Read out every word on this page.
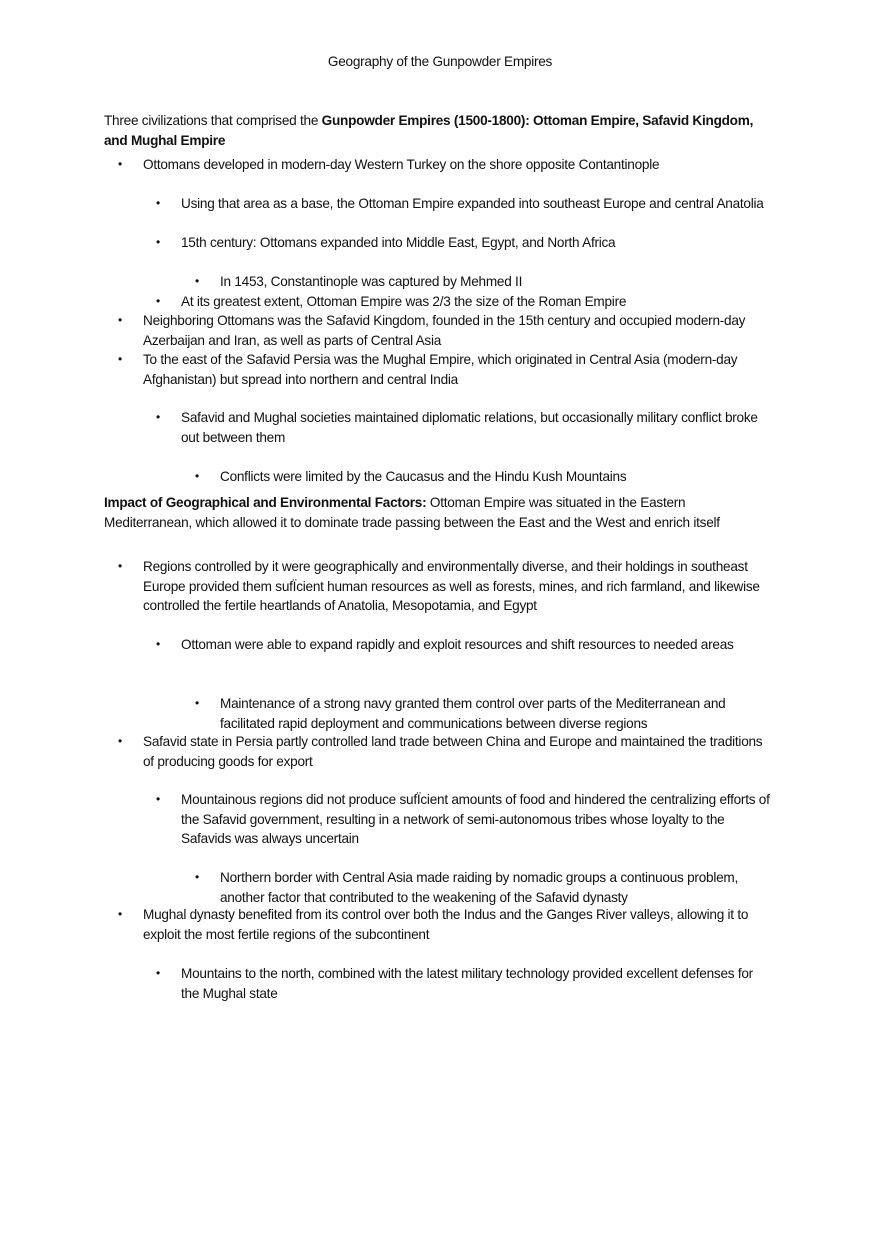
Geography of the Gunpowder Empires
Three civilizations that comprised the Gunpowder Empires (1500-1800): Ottoman Empire, Safavid Kingdom, and Mughal Empire
• Ottomans developed in modern-day Western Turkey on the shore opposite Contantinople
• Using that area as a base, the Ottoman Empire expanded into southeast Europe and central Anatolia
• 15th century: Ottomans expanded into Middle East, Egypt, and North Africa
• In 1453, Constantinople was captured by Mehmed II
• At its greatest extent, Ottoman Empire was 2/3 the size of the Roman Empire
• Neighboring Ottomans was the Safavid Kingdom, founded in the 15th century and occupied modern-day Azerbaijan and Iran, as well as parts of Central Asia
• To the east of the Safavid Persia was the Mughal Empire, which originated in Central Asia (modern-day Afghanistan) but spread into northern and central India
• Safavid and Mughal societies maintained diplomatic relations, but occasionally military conflict broke out between them
• Conflicts were limited by the Caucasus and the Hindu Kush Mountains
Impact of Geographical and Environmental Factors: Ottoman Empire was situated in the Eastern Mediterranean, which allowed it to dominate trade passing between the East and the West and enrich itself
• Regions controlled by it were geographically and environmentally diverse, and their holdings in southeast Europe provided them sufÏcient human resources as well as forests, mines, and rich farmland, and likewise controlled the fertile heartlands of Anatolia, Mesopotamia, and Egypt
• Ottoman were able to expand rapidly and exploit resources and shift resources to needed areas
• Maintenance of a strong navy granted them control over parts of the Mediterranean and facilitated rapid deployment and communications between diverse regions
• Safavid state in Persia partly controlled land trade between China and Europe and maintained the traditions of producing goods for export
• Mountainous regions did not produce sufÏcient amounts of food and hindered the centralizing efforts of the Safavid government, resulting in a network of semi-autonomous tribes whose loyalty to the Safavids was always uncertain
• Northern border with Central Asia made raiding by nomadic groups a continuous problem, another factor that contributed to the weakening of the Safavid dynasty
• Mughal dynasty benefited from its control over both the Indus and the Ganges River valleys, allowing it to exploit the most fertile regions of the subcontinent
• Mountains to the north, combined with the latest military technology provided excellent defenses for the Mughal state
